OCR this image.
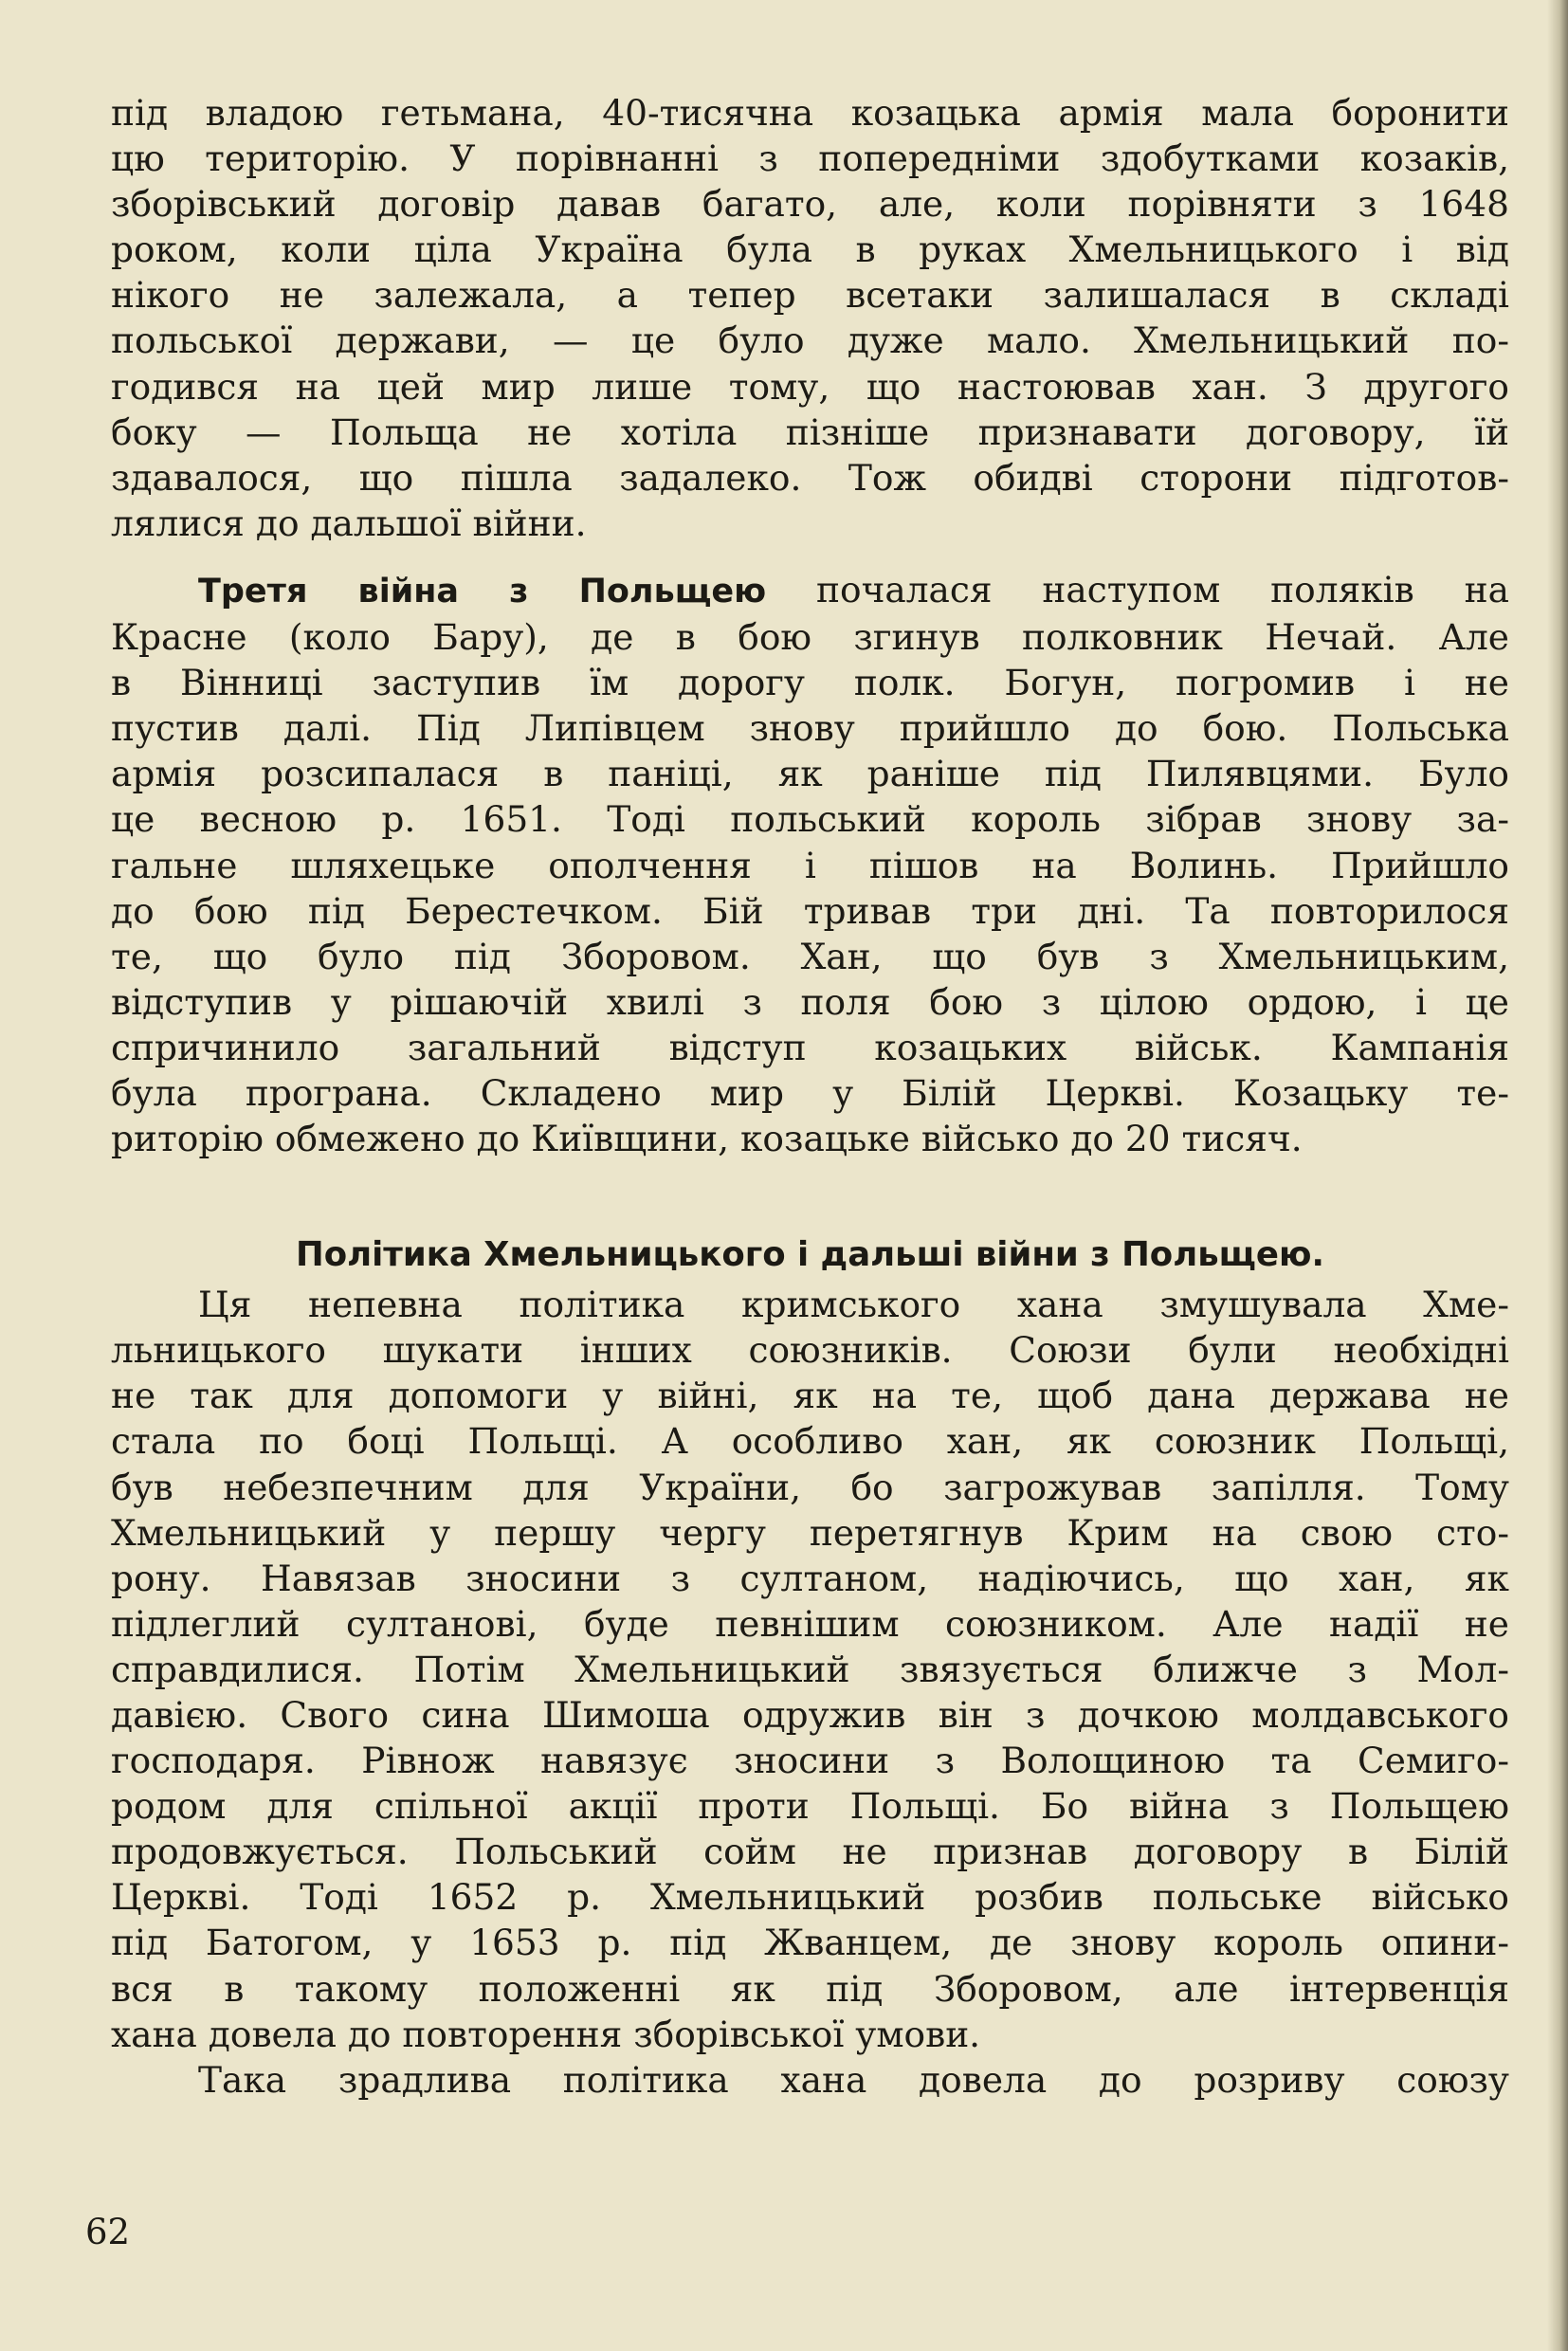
під владою гетьмана, 40-тисячна козацька армія мала боронити
цю територію. У порівнанні з попередніми здобутками козаків,
зборівський договір давав багато, але, коли порівняти з 1648
роком, коли ціла Україна була в руках Хмельницького і від
нікого не залежала, а тепер всетаки залишалася в складі
польської держави, — це було дуже мало. Хмельницький по-
годився на цей мир лише тому, що настоював хан. З другого
боку — Польща не хотіла пізніше признавати договору, їй
здавалося, що пішла задалеко. Тож обидві сторони підготов-
лялися до дальшої війни.

Третя війна з Польщею почалася наступом поляків на
Красне (коло Бару), де в бою згинув полковник Нечай. Але
в Вінниці заступив їм дорогу полк. Богун, погромив і не
пустив далі. Під Липівцем знову прийшло до бою. Польська
армія розсипалася в паніці, як раніше під Пилявцями. Було
це весною р. 1651. Тоді польський король зібрав знову за-
гальне шляхецьке ополчення і пішов на Волинь. Прийшло
до бою під Берестечком. Бій тривав три дні. Та повторилося
те, що було під Зборовом. Хан, що був з Хмельницьким,
відступив у рішаючій хвилі з поля бою з цілою ордою, і це
спричинило загальний відступ козацьких військ. Кампанія
була програна. Складено мир у Білій Церкві. Козацьку те-
риторію обмежено до Київщини, козацьке військо до 20 тисяч.

Політика Хмельницького і дальші війни з Польщею.

Ця непевна політика кримського хана змушувала Хме-
льницького шукати інших союзників. Союзи були необхідні
не так для допомоги у війні, як на те, щоб дана держава не
стала по боці Польщі. А особливо хан, як союзник Польщі,
був небезпечним для України, бо загрожував запілля. Тому
Хмельницький у першу чергу перетягнув Крим на свою сто-
рону. Навязав зносини з султаном, надіючись, що хан, як
підлеглий султанові, буде певнішим союзником. Але надії не
справдилися. Потім Хмельницький звязується ближче з Мол-
давією. Свого сина Шимоша одружив він з дочкою молдавського
господаря. Рівнож навязує зносини з Волощиною та Семиго-
родом для спільної акції проти Польщі. Бо війна з Польщею
продовжується. Польський сойм не признав договору в Білій
Церкві. Тоді 1652 р. Хмельницький розбив польське військо
під Батогом, у 1653 р. під Жванцем, де знову король опини-
вся в такому положенні як під Зборовом, але інтервенція
хана довела до повторення зборівської умови.

Така зрадлива політика хана довела до розриву союзу

62
